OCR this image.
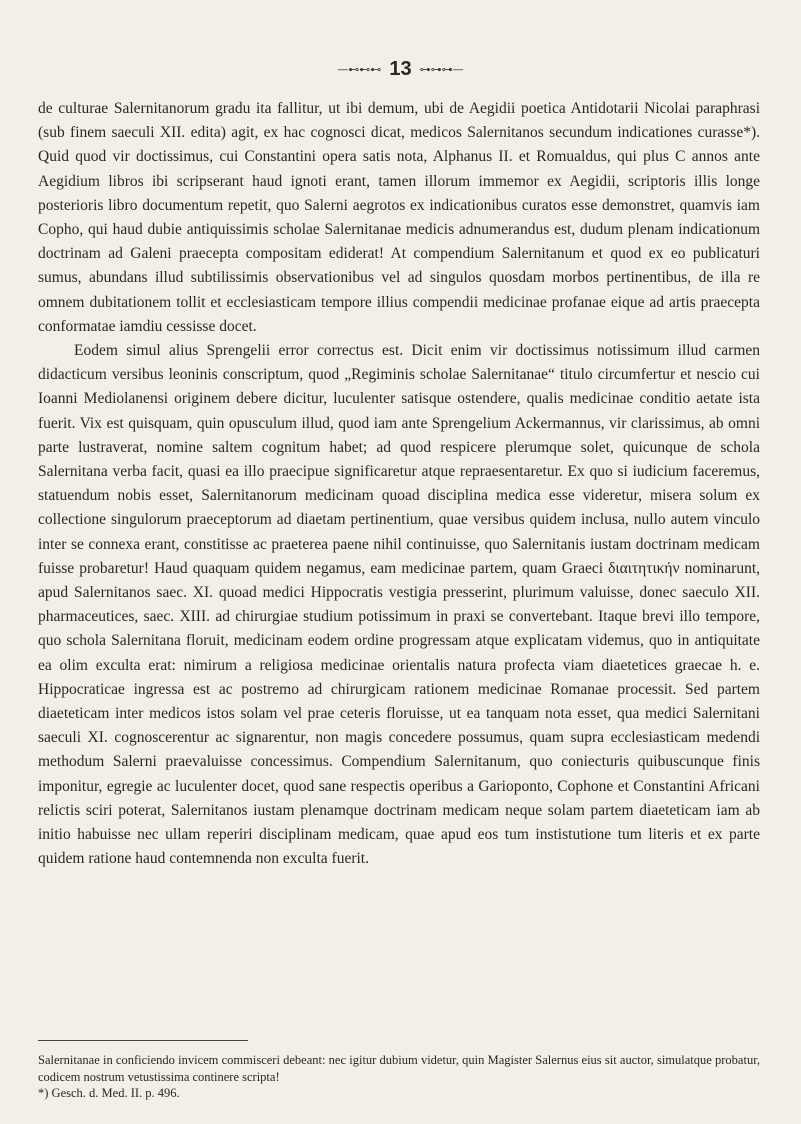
—⊷⊷⊷ 13 ⊶⊶⊶—

de culturae Salernitanorum gradu ita fallitur, ut ibi demum, ubi de Aegidii poetica Antidotarii Nicolai paraphrasi (sub finem saeculi XII. edita) agit, ex hac cognosci dicat, medicos Salernitanos secundum indicationes curasse*). Quid quod vir doctissimus, cui Constantini opera satis nota, Alphanus II. et Romualdus, qui plus C annos ante Aegidium libros ibi scripserant haud ignoti erant, tamen illorum immemor ex Aegidii, scriptoris illis longe posterioris libro documentum repetit, quo Salerni aegrotos ex indicationibus curatos esse demonstret, quamvis iam Copho, qui haud dubie antiquissimis scholae Salernitanae medicis adnumerandus est, dudum plenam indicationum doctrinam ad Galeni praecepta compositam ediderat! At compendium Salernitanum et quod ex eo publicaturi sumus, abundans illud subtilissimis observationibus vel ad singulos quosdam morbos pertinentibus, de illa re omnem dubitationem tollit et ecclesiasticam tempore illius compendii medicinae profanae eique ad artis praecepta conformatae iamdiu cessisse docet.

Eodem simul alius Sprengelii error correctus est. Dicit enim vir doctissimus notissimum illud carmen didacticum versibus leoninis conscriptum, quod „Regiminis scholae Salernitanae“ titulo circumfertur et nescio cui Ioanni Mediolanensi originem debere dicitur, luculenter satisque ostendere, qualis medicinae conditio aetate ista fuerit. Vix est quisquam, quin opusculum illud, quod iam ante Sprengelium Ackermannus, vir clarissimus, ab omni parte lustraverat, nomine saltem cognitum habet; ad quod respicere plerumque solet, quicunque de schola Salernitana verba facit, quasi ea illo praecipue significaretur atque repraesentaretur. Ex quo si iudicium faceremus, statuendum nobis esset, Salernitanorum medicinam quoad disciplina medica esse videretur, misera solum ex collectione singulorum praeceptorum ad diaetam pertinentium, quae versibus quidem inclusa, nullo autem vinculo inter se connexa erant, constitisse ac praeterea paene nihil continuisse, quo Salernitanis iustam doctrinam medicam fuisse probaretur! Haud quaquam quidem negamus, eam medicinae partem, quam Graeci διαιτητικήν nominarunt, apud Salernitanos saec. XI. quoad medici Hippocratis vestigia presserint, plurimum valuisse, donec saeculo XII. pharmaceutices, saec. XIII. ad chirurgiae studium potissimum in praxi se convertebant. Itaque brevi illo tempore, quo schola Salernitana floruit, medicinam eodem ordine progressam atque explicatam videmus, quo in antiquitate ea olim exculta erat: nimirum a religiosa medicinae orientalis natura profecta viam diaetetices graecae h. e. Hippocraticae ingressa est ac postremo ad chirurgicam rationem medicinae Romanae processit. Sed partem diaeteticam inter medicos istos solam vel prae ceteris floruisse, ut ea tanquam nota esset, qua medici Salernitani saeculi XI. cognoscerentur ac signarentur, non magis concedere possumus, quam supra ecclesiasticam medendi methodum Salerni praevaluisse concessimus. Compendium Salernitanum, quo coniecturis quibuscunque finis imponitur, egregie ac luculenter docet, quod sane respectis operibus a Garioponto, Cophone et Constantini Africani relictis sciri poterat, Salernitanos iustam plenamque doctrinam medicam neque solam partem diaeteticam iam ab initio habuisse nec ullam reperiri disciplinam medicam, quae apud eos tum instistutione tum literis et ex parte quidem ratione haud contemnenda non exculta fuerit.

Salernitanae in conficiendo invicem commisceri debeant: nec igitur dubium videtur, quin Magister Salernus eius sit auctor, simulatque probatur, codicem nostrum vetustissima continere scripta!

*) Gesch. d. Med. II. p. 496.
